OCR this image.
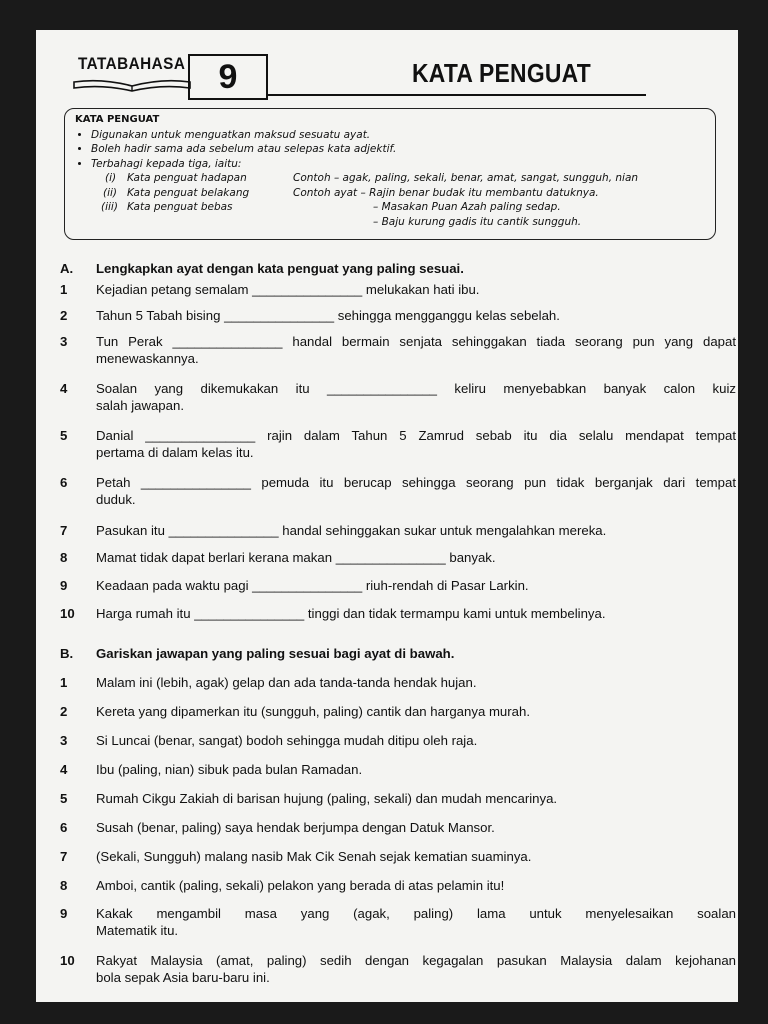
TATABAHASA 9	KATA PENGUAT
KATA PENGUAT
• Digunakan untuk menguatkan maksud sesuatu ayat.
• Boleh hadir sama ada sebelum atau selepas kata adjektif.
• Terbahagi kepada tiga, iaitu:
(i) Kata penguat hadapan	Contoh – agak, paling, sekali, benar, amat, sangat, sungguh, nian
(ii) Kata penguat belakang	Contoh ayat – Rajin benar budak itu membantu datuknya.
(iii) Kata penguat bebas	– Masakan Puan Azah paling sedap.
– Baju kurung gadis itu cantik sungguh.
A. Lengkapkan ayat dengan kata penguat yang paling sesuai.
1 Kejadian petang semalam _______________ melukakan hati ibu.
2 Tahun 5 Tabah bising _______________ sehingga mengganggu kelas sebelah.
3 Tun Perak _______________ handal bermain senjata sehinggakan tiada seorang pun yang dapat
menewaskannya.
4 Soalan yang dikemukakan itu _______________ keliru menyebabkan banyak calon kuiz
salah jawapan.
5 Danial _______________ rajin dalam Tahun 5 Zamrud sebab itu dia selalu mendapat tempat
pertama di dalam kelas itu.
6 Petah _______________ pemuda itu berucap sehingga seorang pun tidak berganjak dari tempat
duduk.
7 Pasukan itu _______________ handal sehinggakan sukar untuk mengalahkan mereka.
8 Mamat tidak dapat berlari kerana makan _______________ banyak.
9 Keadaan pada waktu pagi _______________ riuh-rendah di Pasar Larkin.
10 Harga rumah itu _______________ tinggi dan tidak termampu kami untuk membelinya.
B. Gariskan jawapan yang paling sesuai bagi ayat di bawah.
1 Malam ini (lebih, agak) gelap dan ada tanda-tanda hendak hujan.
2 Kereta yang dipamerkan itu (sungguh, paling) cantik dan harganya murah.
3 Si Luncai (benar, sangat) bodoh sehingga mudah ditipu oleh raja.
4 Ibu (paling, nian) sibuk pada bulan Ramadan.
5 Rumah Cikgu Zakiah di barisan hujung (paling, sekali) dan mudah mencarinya.
6 Susah (benar, paling) saya hendak berjumpa dengan Datuk Mansor.
7 (Sekali, Sungguh) malang nasib Mak Cik Senah sejak kematian suaminya.
8 Amboi, cantik (paling, sekali) pelakon yang berada di atas pelamin itu!
9 Kakak mengambil masa yang (agak, paling) lama untuk menyelesaikan soalan
Matematik itu.
10 Rakyat Malaysia (amat, paling) sedih dengan kegagalan pasukan Malaysia dalam kejohanan
bola sepak Asia baru-baru ini.
